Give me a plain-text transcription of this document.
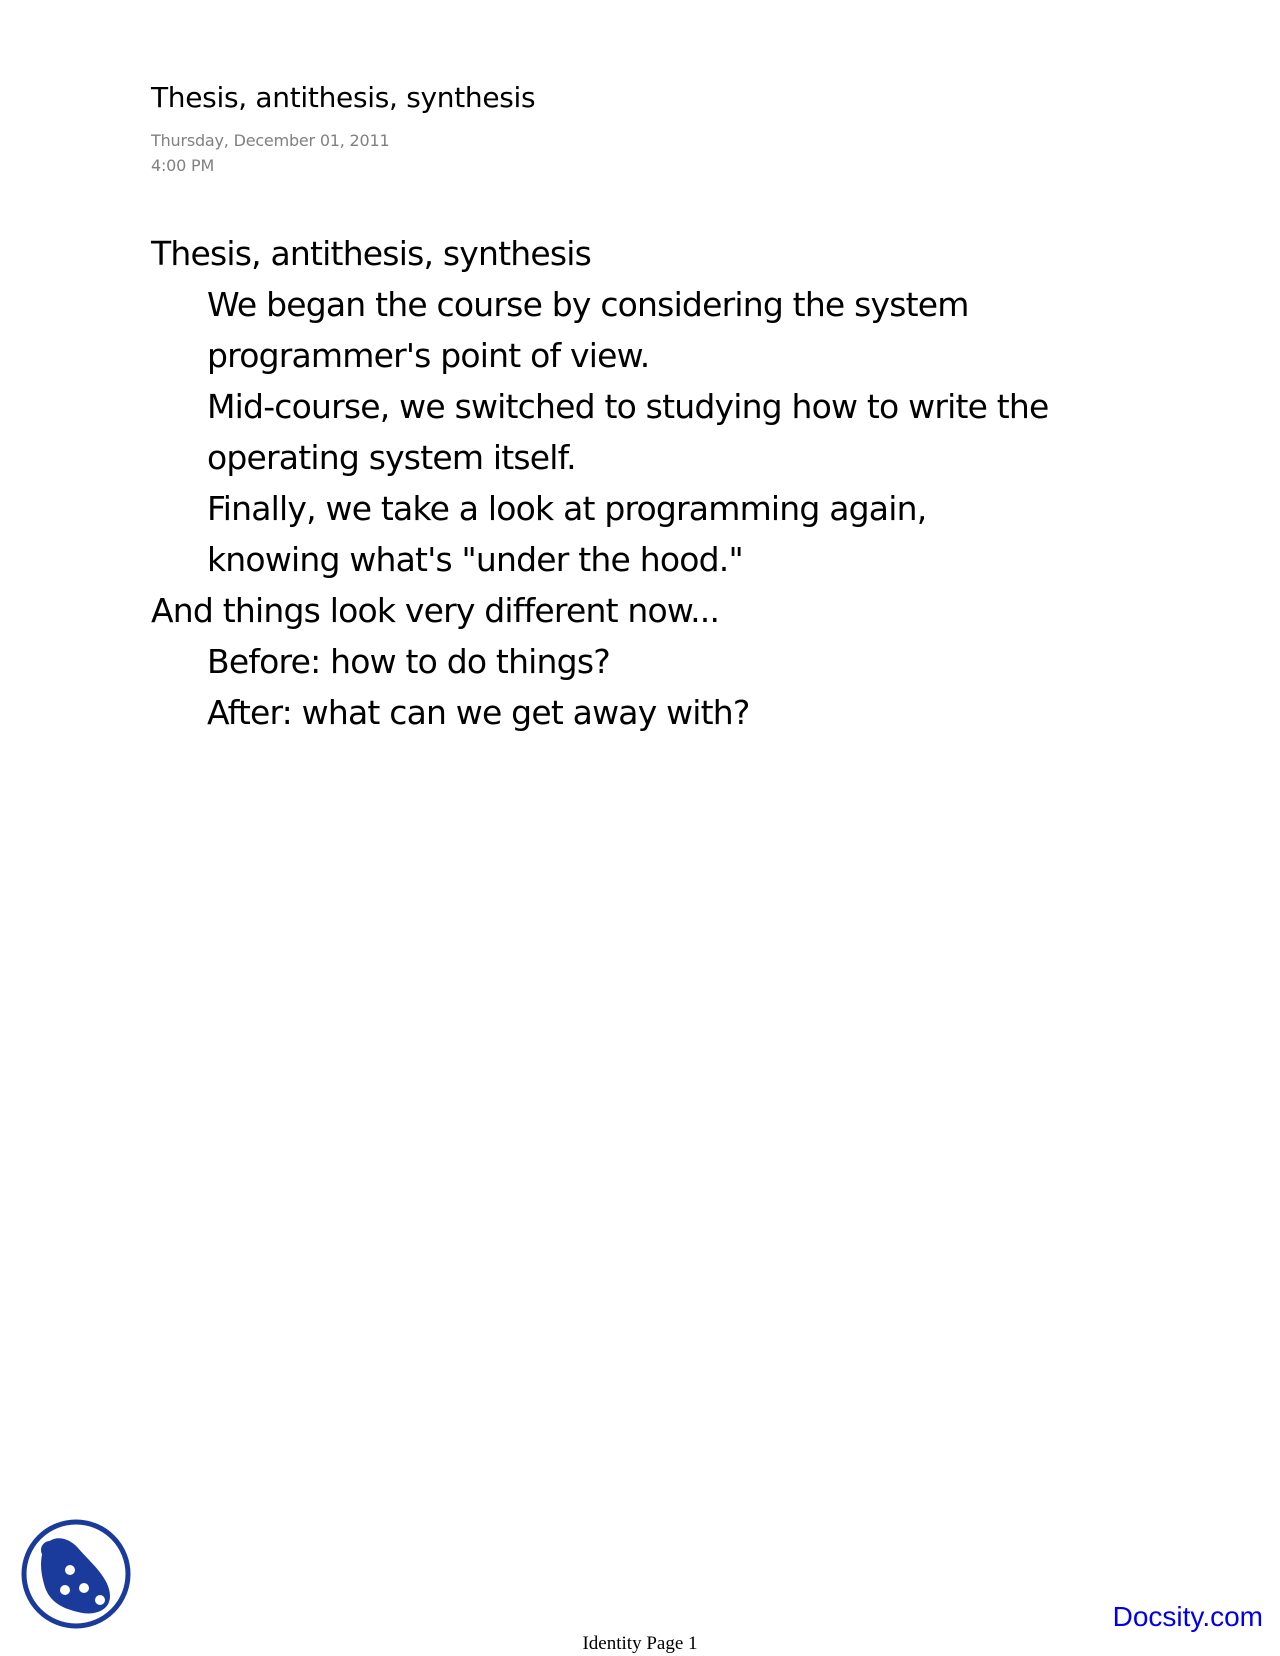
Thesis, antithesis, synthesis
Thursday, December 01, 2011
4:00 PM
Thesis, antithesis, synthesis
We began the course by considering the system
programmer's point of view.
Mid-course, we switched to studying how to write the
operating system itself.
Finally, we take a look at programming again,
knowing what's "under the hood."
And things look very different now...
Before: how to do things?
After: what can we get away with?
Docsity.com
Identity Page 1
